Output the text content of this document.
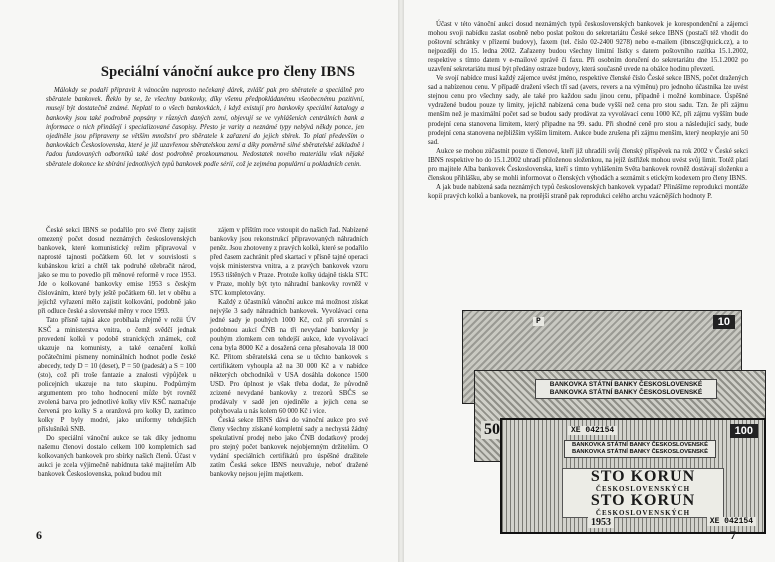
Speciální vánoční aukce pro členy IBNS

Málokdy se podaří připravit k vánocům naprosto nečekaný dárek, zvlášť pak pro sběratele a speciálně pro sběratele bankovek. Řeklo by se, že všechny bankovky, díky všemu předpokládanému všeobecnému pozitivní, musejí být dostatečně známé. Neplatí to o všech bankovkách, i když existují pro bankovky speciální katalogy a bankovky jsou také podrobně popsány v různých daných zemí, objevují se ve vyhlášeních centrálních bank a informace o nich přinášejí i specializované časopisy. Přesto je varity a neznámé typy nebývá někdy ponce, jen ojediněle jsou připraveny se větším množství pro sběratele k zařazení do jejich sbírek. To platí především o bankovkách Československa, které je již uzavřenou sběratelskou zemí a díky poměrně silné sběratelské základně i řadou fundovaných odborníků také dost podrobně prozkoumanou. Nedostatek nového materiálu však nějaké sběratele dokonce ke sbírání jednotlivých typů bankovek podle sérií, což je zejména populární u pokladních cenin.

České sekci IBNS se podařilo pro své členy zajistit omezený počet dosud neznámých československých bankovek, které komunistický režim připravoval v naprosté tajnosti počátkem 60. let v souvislosti s kubánskou krizí a chtěl tak podruhé ožebračit národ, jako se mu to povedlo při měnové reformě v roce 1953. Jde o kolkované bankovky emise 1953 s českým číslováním, které byly ještě počátkem 60. let v oběhu a jejichž vyřazení mělo zajistit kolkování, podobně jako při odluce české a slovenské měny v roce 1993.

Tato přísně tajná akce probíhala zřejmě v režii ÚV KSČ a ministerstva vnitra, o čemž svědčí jednak provedení kolků v podobě stranických známek, což ukazuje na komunisty, a také označení kolků počátečními písmeny nominálních hodnot podle české abecedy, tedy D = 10 (deset), P = 50 (padesát) a S = 100 (sto), což při troše fantazie a znalosti výpůjček u policejních ukazuje na tuto skupinu. Podpůrným argumentem pro toho hodnocení může být rovněž zvolená barva pro jednotlivé kolky vlív KSČ naznačuje červená pro kolky S a oranžová pro kolky D, zatímco kolky P byly modré, jako uniformy tehdejších příslušníků SNB.

Do speciální vánoční aukce se tak díky jednomu našemu členovi dostalo celkem 100 kompletních sad kolkovaných bankovek pro sbírky našich členů. Účast v aukci je zcela výjimečně nabídnuta také majitelům Alb bankovek Československa, pokud budou mít

zájem v příštím roce vstoupit do našich řad. Nabízené bankovky jsou rekonstrukcí připravovaných náhradních peněz. Jsou zhotoveny z pravých kolků, které se podařilo před časem zachránit před skartací v přísně tajné operaci vojsk ministerstva vnitra, a z pravých bankovek vzoru 1953 tištěných v Praze. Protože kolky údajně tiskla STC v Praze, mohly být tyto náhradní bankovky rovněž v STC kompletovány.

Každý z účastníků vánoční aukce má možnost získat nejvýše 3 sady náhradních bankovek. Vyvolávací cena jedné sady je pouhých 1000 Kč, což při srovnání s podobnou aukcí ČNB na tři nevydané bankovky je pouhým zlomkem cen tehdejší aukce, kde vyvolávací cena byla 8000 Kč a dosažená cena přesahovala 18 000 Kč. Přitom sběratelská cena se u těchto bankovek s certifikátem vyhoupla až na 30 000 Kč a v nabídce některých obchodníků v USA dosáhla dokonce 1500 USD. Pro úplnost je však třeba dodat, že původně zcizené nevydané bankovky z trezorů SBČS se prodávaly v sadě jen ojediněle a jejich cena se pohybovala u nás kolem 60 000 Kč i více.

Česká sekce IBNS dává do vánoční aukce pro své členy všechny získané kompletní sady a nechystá žádný spekulativní prodej nebo jako ČNB dodatkový prodej pro stejný počet bankovek nejobjemným držitelům. O vydání speciálních certifikátů pro úspěšné dražitele zatím Česká sekce IBNS neuvažuje, neboť dražené bankovky nejsou jejím majetkem.

6

Účast v této vánoční aukci dosud neznámých typů československých bankovek je korespondenční a zájemci mohou svoji nabídku zaslat osobně nebo poslat poštou do sekretariátu České sekce IBNS (postačí též vhodit do poštovní schránky v přízemí budovy), faxem (tel. číslo 02-2400 9278) nebo e-mailem (ibnscz@quick.cz), a to nejpozději do 15. ledna 2002. Zařazeny budou všechny limitní lístky s datem poštovního razítka 15.1.2002, respektive s tímto datem v e-mailové zprávě či faxu. Při osobním doručení do sekretariátu dne 15.1.2002 po uzavření sekretariátu musí být předány ostraze budovy, která současně uvede na obálce hodinu převzetí.

Ve svojí nabídce musí každý zájemce uvést jméno, respektive členské číslo České sekce IBNS, počet dražených sad a nabízenou cenu. V případě dražení všech tří sad (avers, revers a na výměnu) pro jednoho účastníka lze uvést stejnou cenu pro všechny sady, ale také pro každou sadu jinou cenu, případně i možné kombinace. Úspěšné vydražené budou pouze ty limity, jejichž nabízená cena bude vyšší než cena pro stou sadu. Tzn. že při zájmu menším než je maximální počet sad se budou sady prodávat za vyvolávací cenu 1000 Kč, při zájmu vyšším bude prodejní cena stanovena limitem, který připadne na 99. sadu. Při shodné ceně pro stou a následující sady, bude prodejní cena stanovena nejbližším vyšším limitem. Aukce bude zrušena při zájmu menším, který neopkryje ani 50 sad.

Aukce se mohou zúčastnit pouze ti členové, kteří již uhradili svůj členský příspěvek na rok 2002 v České sekci IBNS respektive ho do 15.1.2002 uhradí přiloženou složenkou, na jejíž ústřižek mohou uvést svůj limit. Totéž platí pro majitele Alba bankovek Československa, kteří s tímto vyhlášením Světa bankovek rovněž dostávají složenku a členskou přihlášku, aby se mohli informovat o členských výhodách a seznámit s etickým kodexem pro členy IBNS.

A jak bude nabízená sada neznámých typů československých bankovek vypadat? Přinášíme reprodukci montáže kopií pravých kolků a bankovek, na protější straně pak reprodukci celého archu vzácnějších hodnoty P.

P	10
BANKOVKA STÁTNÍ BANKY ČESKOSLOVENSKÉ
BANKOVKA STÁTNÍ BANKY ČESKOSLOVENSKÉ
50	XE 042154	100
BANKOVKA STÁTNÍ BANKY ČESKOSLOVENSKÉ
BANKOVKA STÁTNÍ BANKY ČESKOSLOVENSKÉ
STO KORUN
ČESKOSLOVENSKÝCH
STO KORUN
ČESKOSLOVENSKÝCH
1953	XE 042154
7
